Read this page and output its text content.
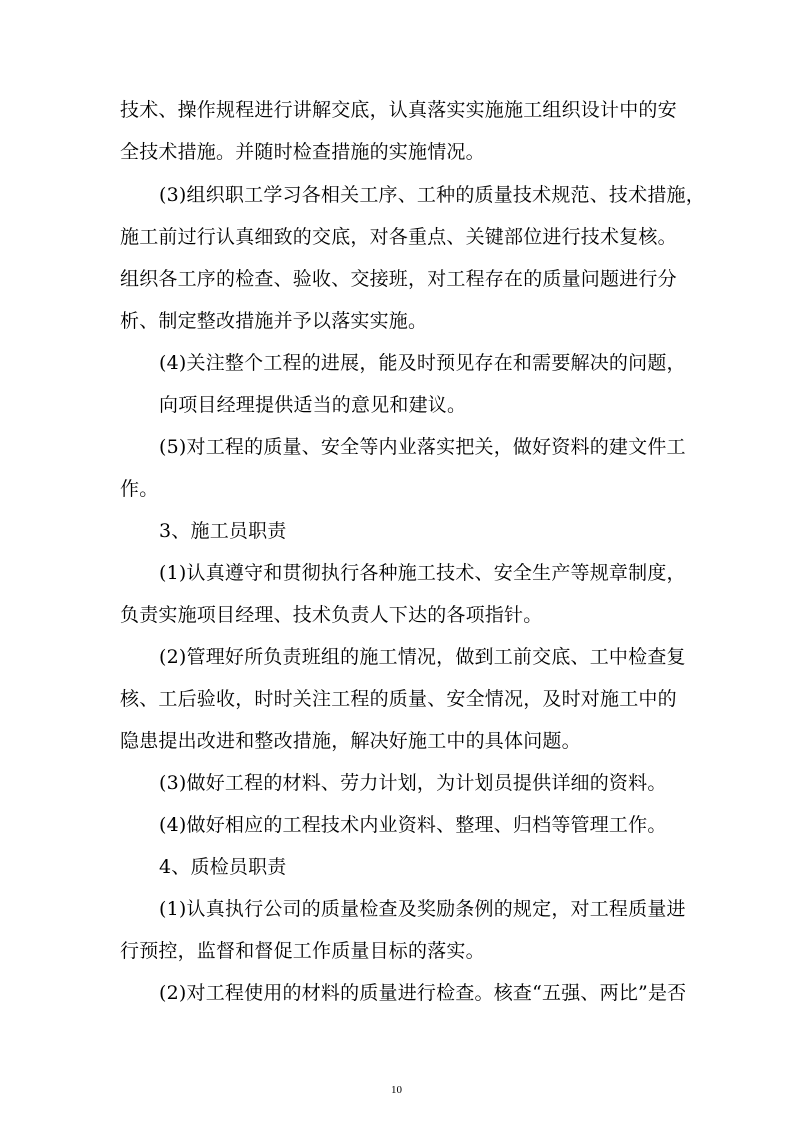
技术、操作规程进行讲解交底，认真落实实施施工组织设计中的安
全技术措施。并随时检查措施的实施情况。
(3)组织职工学习各相关工序、工种的质量技术规范、技术措施，
施工前过行认真细致的交底，对各重点、关键部位进行技术复核。
组织各工序的检查、验收、交接班，对工程存在的质量问题进行分
析、制定整改措施并予以落实实施。
(4)关注整个工程的进展，能及时预见存在和需要解决的问题，
向项目经理提供适当的意见和建议。
(5)对工程的质量、安全等内业落实把关，做好资料的建文件工
作。
3、施工员职责
(1)认真遵守和贯彻执行各种施工技术、安全生产等规章制度，
负责实施项目经理、技术负责人下达的各项指针。
(2)管理好所负责班组的施工情况，做到工前交底、工中检查复
核、工后验收，时时关注工程的质量、安全情况，及时对施工中的
隐患提出改进和整改措施，解决好施工中的具体问题。
(3)做好工程的材料、劳力计划，为计划员提供详细的资料。
(4)做好相应的工程技术内业资料、整理、归档等管理工作。
4、质检员职责
(1)认真执行公司的质量检查及奖励条例的规定，对工程质量进
行预控，监督和督促工作质量目标的落实。
(2)对工程使用的材料的质量进行检查。核查“五强、两比”是否
10
